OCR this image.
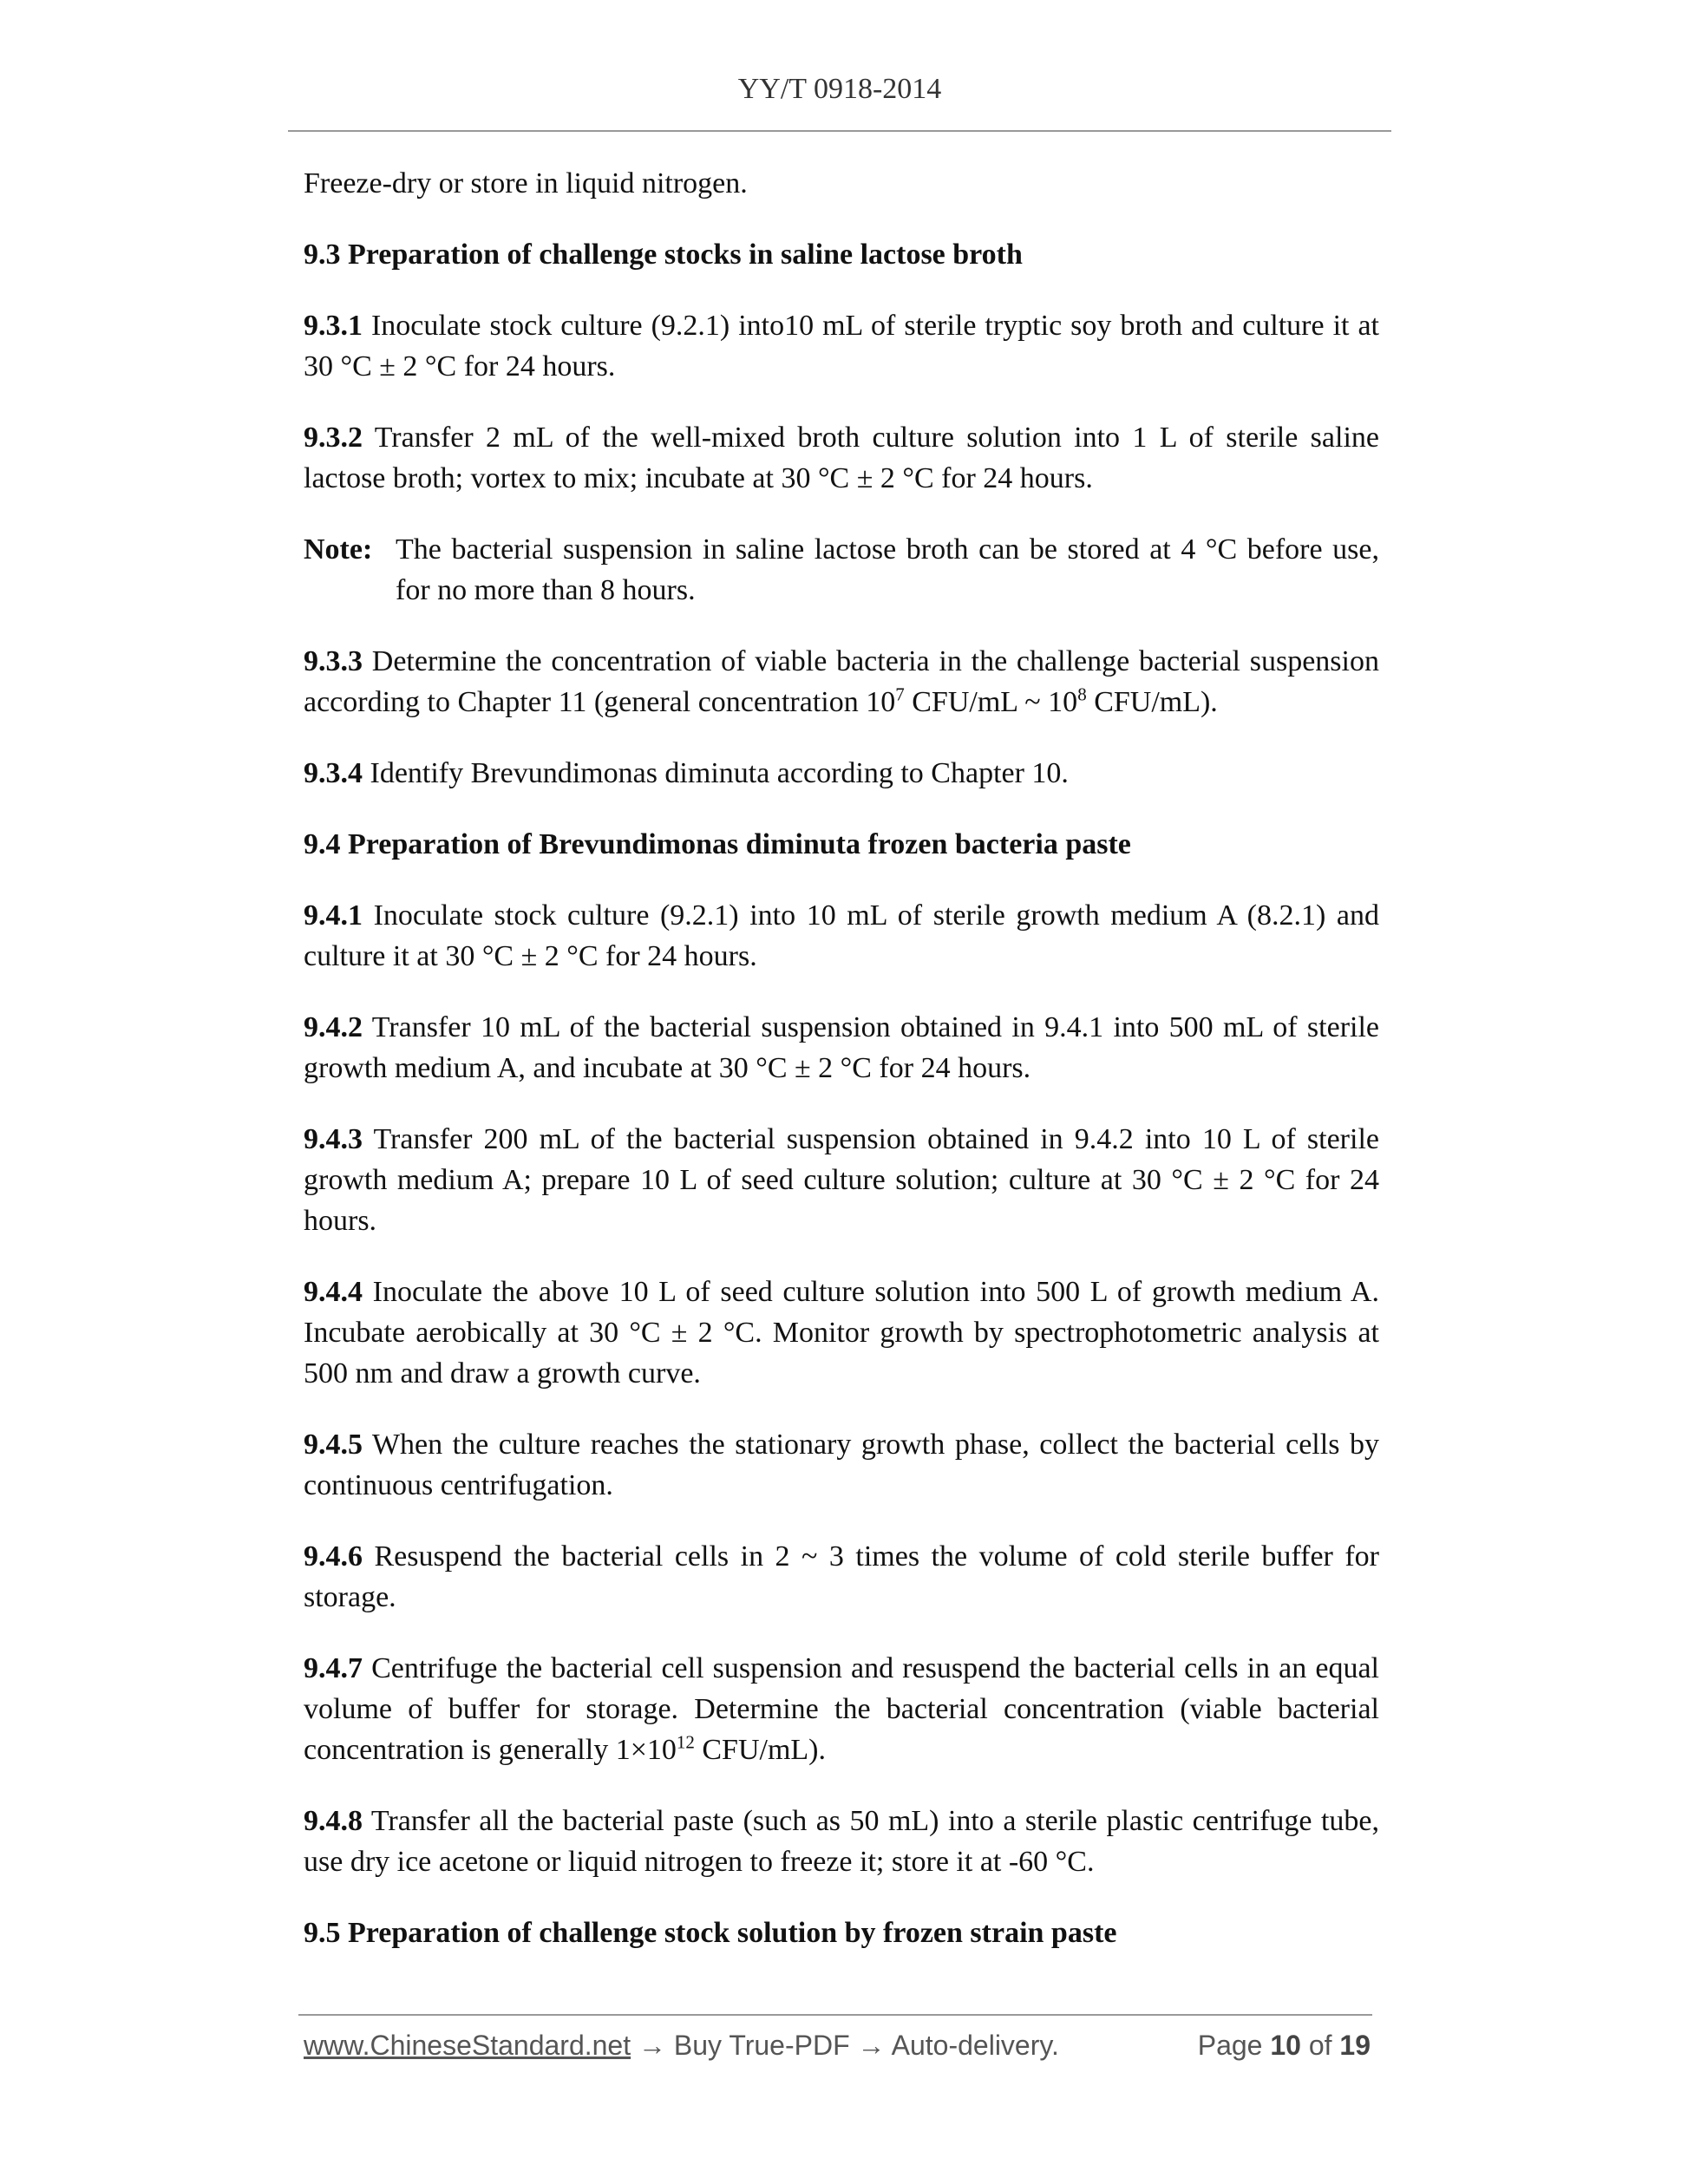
YY/T 0918-2014

Freeze-dry or store in liquid nitrogen.

9.3 Preparation of challenge stocks in saline lactose broth

9.3.1 Inoculate stock culture (9.2.1) into10 mL of sterile tryptic soy broth and culture it at 30 °C ± 2 °C for 24 hours.

9.3.2 Transfer 2 mL of the well-mixed broth culture solution into 1 L of sterile saline lactose broth; vortex to mix; incubate at 30 °C ± 2 °C for 24 hours.

Note: The bacterial suspension in saline lactose broth can be stored at 4 °C before use, for no more than 8 hours.

9.3.3 Determine the concentration of viable bacteria in the challenge bacterial suspension according to Chapter 11 (general concentration $10^7$ CFU/mL ~ $10^8$ CFU/mL).

9.3.4 Identify Brevundimonas diminuta according to Chapter 10.

9.4 Preparation of Brevundimonas diminuta frozen bacteria paste

9.4.1 Inoculate stock culture (9.2.1) into 10 mL of sterile growth medium A (8.2.1) and culture it at 30 °C ± 2 °C for 24 hours.

9.4.2 Transfer 10 mL of the bacterial suspension obtained in 9.4.1 into 500 mL of sterile growth medium A, and incubate at 30 °C ± 2 °C for 24 hours.

9.4.3 Transfer 200 mL of the bacterial suspension obtained in 9.4.2 into 10 L of sterile growth medium A; prepare 10 L of seed culture solution; culture at 30 °C ± 2 °C for 24 hours.

9.4.4 Inoculate the above 10 L of seed culture solution into 500 L of growth medium A. Incubate aerobically at 30 °C ± 2 °C. Monitor growth by spectrophotometric analysis at 500 nm and draw a growth curve.

9.4.5 When the culture reaches the stationary growth phase, collect the bacterial cells by continuous centrifugation.

9.4.6 Resuspend the bacterial cells in 2 ~ 3 times the volume of cold sterile buffer for storage.

9.4.7 Centrifuge the bacterial cell suspension and resuspend the bacterial cells in an equal volume of buffer for storage. Determine the bacterial concentration (viable bacterial concentration is generally $1\times 10^{12}$ CFU/mL).

9.4.8 Transfer all the bacterial paste (such as 50 mL) into a sterile plastic centrifuge tube, use dry ice acetone or liquid nitrogen to freeze it; store it at -60 °C.

9.5 Preparation of challenge stock solution by frozen strain paste

www.ChineseStandard.net → Buy True-PDF → Auto-delivery.	Page 10 of 19
